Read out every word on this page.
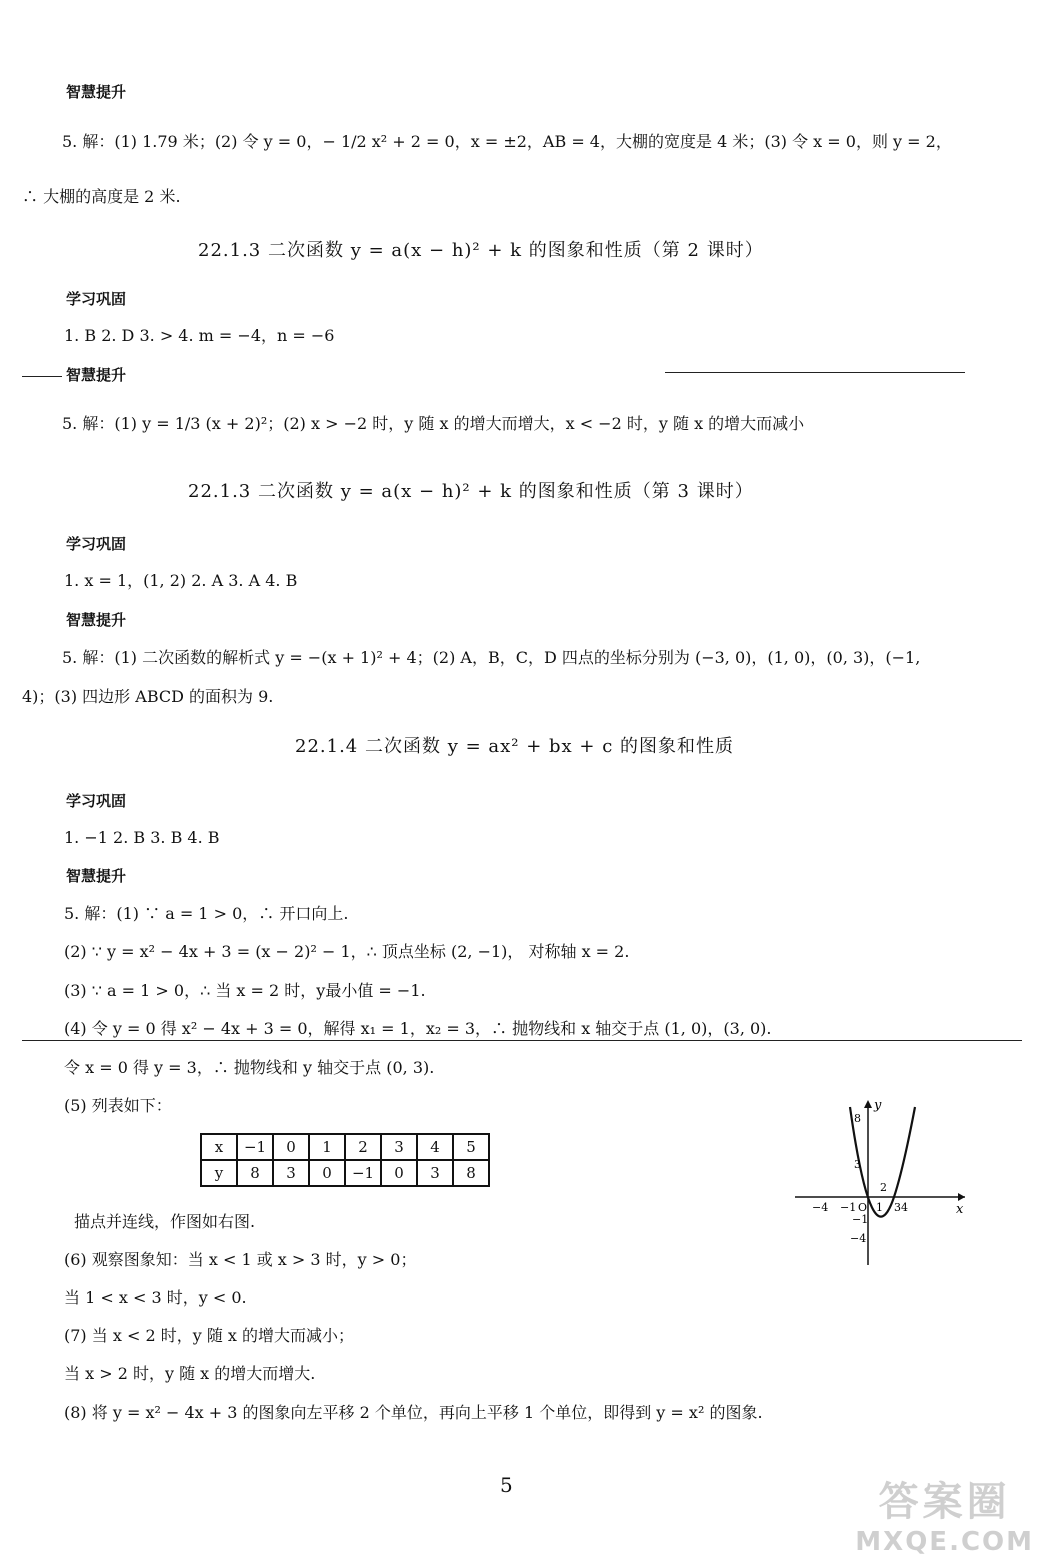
智慧提升
5. 解：(1) 1.79 米；(2) 令 y = 0，− 1/2 x² + 2 = 0，x = ±2，AB = 4，大棚的宽度是 4 米；(3) 令 x = 0，则 y = 2，
∴ 大棚的高度是 2 米.
22.1.3 二次函数 y = a(x − h)² + k 的图象和性质（第 2 课时）
学习巩固
1. B 2. D 3. > 4. m = −4，n = −6
智慧提升
5. 解：(1) y = 1/3 (x + 2)²；(2) x > −2 时，y 随 x 的增大而增大，x < −2 时，y 随 x 的增大而减小
22.1.3 二次函数 y = a(x − h)² + k 的图象和性质（第 3 课时）
学习巩固
1. x = 1，(1, 2) 2. A 3. A 4. B
智慧提升
5. 解：(1) 二次函数的解析式 y = −(x + 1)² + 4；(2) A，B，C，D 四点的坐标分别为 (−3, 0)，(1, 0)，(0, 3)，(−1,
4)；(3) 四边形 ABCD 的面积为 9.
22.1.4 二次函数 y = ax² + bx + c 的图象和性质
学习巩固
1. −1 2. B 3. B 4. B
智慧提升
5. 解：(1) ∵ a = 1 > 0，∴ 开口向上.
(2) ∵ y = x² − 4x + 3 = (x − 2)² − 1，∴ 顶点坐标 (2, −1)， 对称轴 x = 2.
(3) ∵ a = 1 > 0，∴ 当 x = 2 时，y最小值 = −1.
(4) 令 y = 0 得 x² − 4x + 3 = 0，解得 x₁ = 1，x₂ = 3，∴ 抛物线和 x 轴交于点 (1, 0)，(3, 0).
令 x = 0 得 y = 3，∴ 抛物线和 y 轴交于点 (0, 3).
(5) 列表如下：
x	−1	0	1	2	3	4	5
y	8	3	0	−1	0	3	8
y
x
−4 −1 O 1 3 4
2
3
−1
−4
8
描点并连线，作图如右图.
(6) 观察图象知：当 x < 1 或 x > 3 时，y > 0；
当 1 < x < 3 时，y < 0.
(7) 当 x < 2 时，y 随 x 的增大而减小；
当 x > 2 时，y 随 x 的增大而增大.
(8) 将 y = x² − 4x + 3 的图象向左平移 2 个单位，再向上平移 1 个单位，即得到 y = x² 的图象.
5	答案圈
MXQE.COM
